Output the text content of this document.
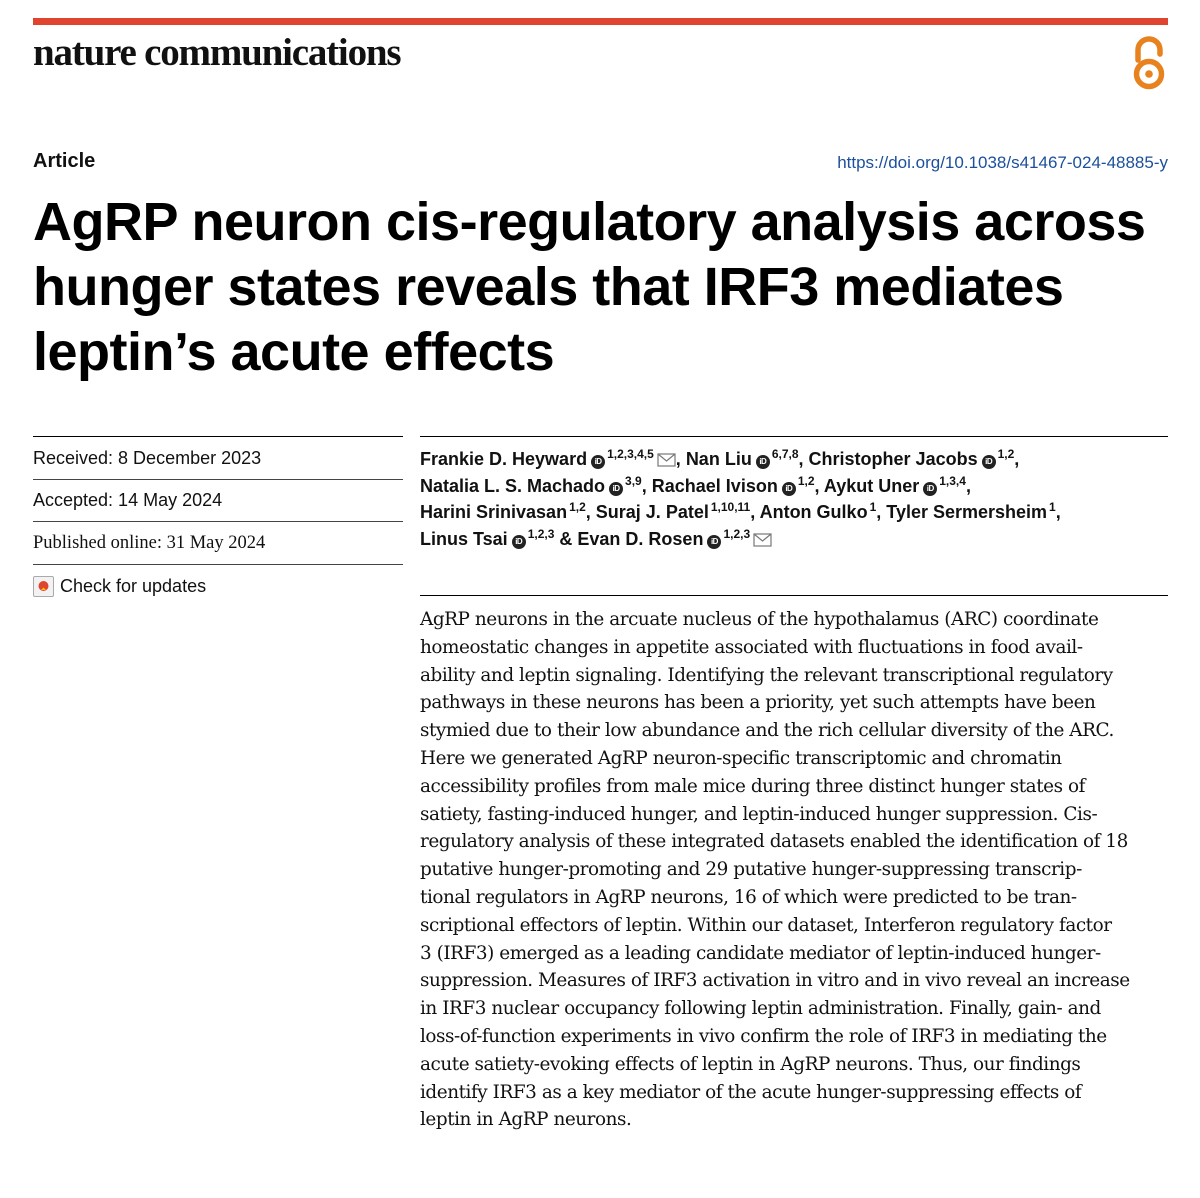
nature communications
Article	https://doi.org/10.1038/s41467-024-48885-y
AgRP neuron cis-regulatory analysis across
hunger states reveals that IRF3 mediates
leptin’s acute effects
Received: 8 December 2023
Accepted: 14 May 2024
Published online: 31 May 2024
Check for updates
Frankie D. Heyward iD$^{1,2,3,4,5}$ , Nan Liu iD$^{6,7,8}$, Christopher Jacobs iD$^{1,2}$,
Natalia L. S. Machado iD$^{3,9}$, Rachael Ivison iD$^{1,2}$, Aykut Uner iD$^{1,3,4}$,
Harini Srinivasan $^{1,2}$, Suraj J. Patel $^{1,10,11}$, Anton Gulko $^1$, Tyler Sermersheim $^1$,
Linus Tsai iD$^{1,2,3}$ & Evan D. Rosen iD$^{1,2,3}$
AgRP neurons in the arcuate nucleus of the hypothalamus (ARC) coordinate
homeostatic changes in appetite associated with fluctuations in food avail-
ability and leptin signaling. Identifying the relevant transcriptional regulatory
pathways in these neurons has been a priority, yet such attempts have been
stymied due to their low abundance and the rich cellular diversity of the ARC.
Here we generated AgRP neuron-specific transcriptomic and chromatin
accessibility profiles from male mice during three distinct hunger states of
satiety, fasting-induced hunger, and leptin-induced hunger suppression. Cis-
regulatory analysis of these integrated datasets enabled the identification of 18
putative hunger-promoting and 29 putative hunger-suppressing transcrip-
tional regulators in AgRP neurons, 16 of which were predicted to be tran-
scriptional effectors of leptin. Within our dataset, Interferon regulatory factor
3 (IRF3) emerged as a leading candidate mediator of leptin-induced hunger-
suppression. Measures of IRF3 activation in vitro and in vivo reveal an increase
in IRF3 nuclear occupancy following leptin administration. Finally, gain- and
loss-of-function experiments in vivo confirm the role of IRF3 in mediating the
acute satiety-evoking effects of leptin in AgRP neurons. Thus, our findings
identify IRF3 as a key mediator of the acute hunger-suppressing effects of
leptin in AgRP neurons.
